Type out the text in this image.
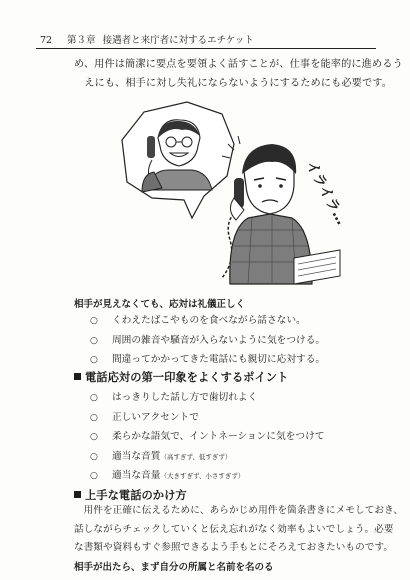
72 第３章 接遇者と来庁者に対するエチケット
め、用件は簡潔に要点を要領よく話すことが、仕事を能率的に進めるう
えにも、相手に対し失礼にならないようにするためにも必要です。
イライラ…
相手が見えなくても、応対は礼儀正しく
○ くわえたばこやものを食べながら話さない。
○ 周囲の雑音や騒音が入らないように気をつける。
○ 間違ってかかってきた電話にも親切に応対する。
電話応対の第一印象をよくするポイント
○ はっきりした話し方で歯切れよく
○ 正しいアクセントで
○ 柔らかな語気で、イントネーションに気をつけて
○ 適当な音質（高すぎず、低すぎず）
○ 適当な音量（大きすぎず、小さすぎず）
上手な電話のかけ方
用件を正確に伝えるために、あらかじめ用件を箇条書きにメモしておき、
話しながらチェックしていくと伝え忘れがなく効率もよいでしょう。必要
な書類や資料もすぐ参照できるよう手もとにそろえておきたいものです。
相手が出たら、まず自分の所属と名前を名のる
